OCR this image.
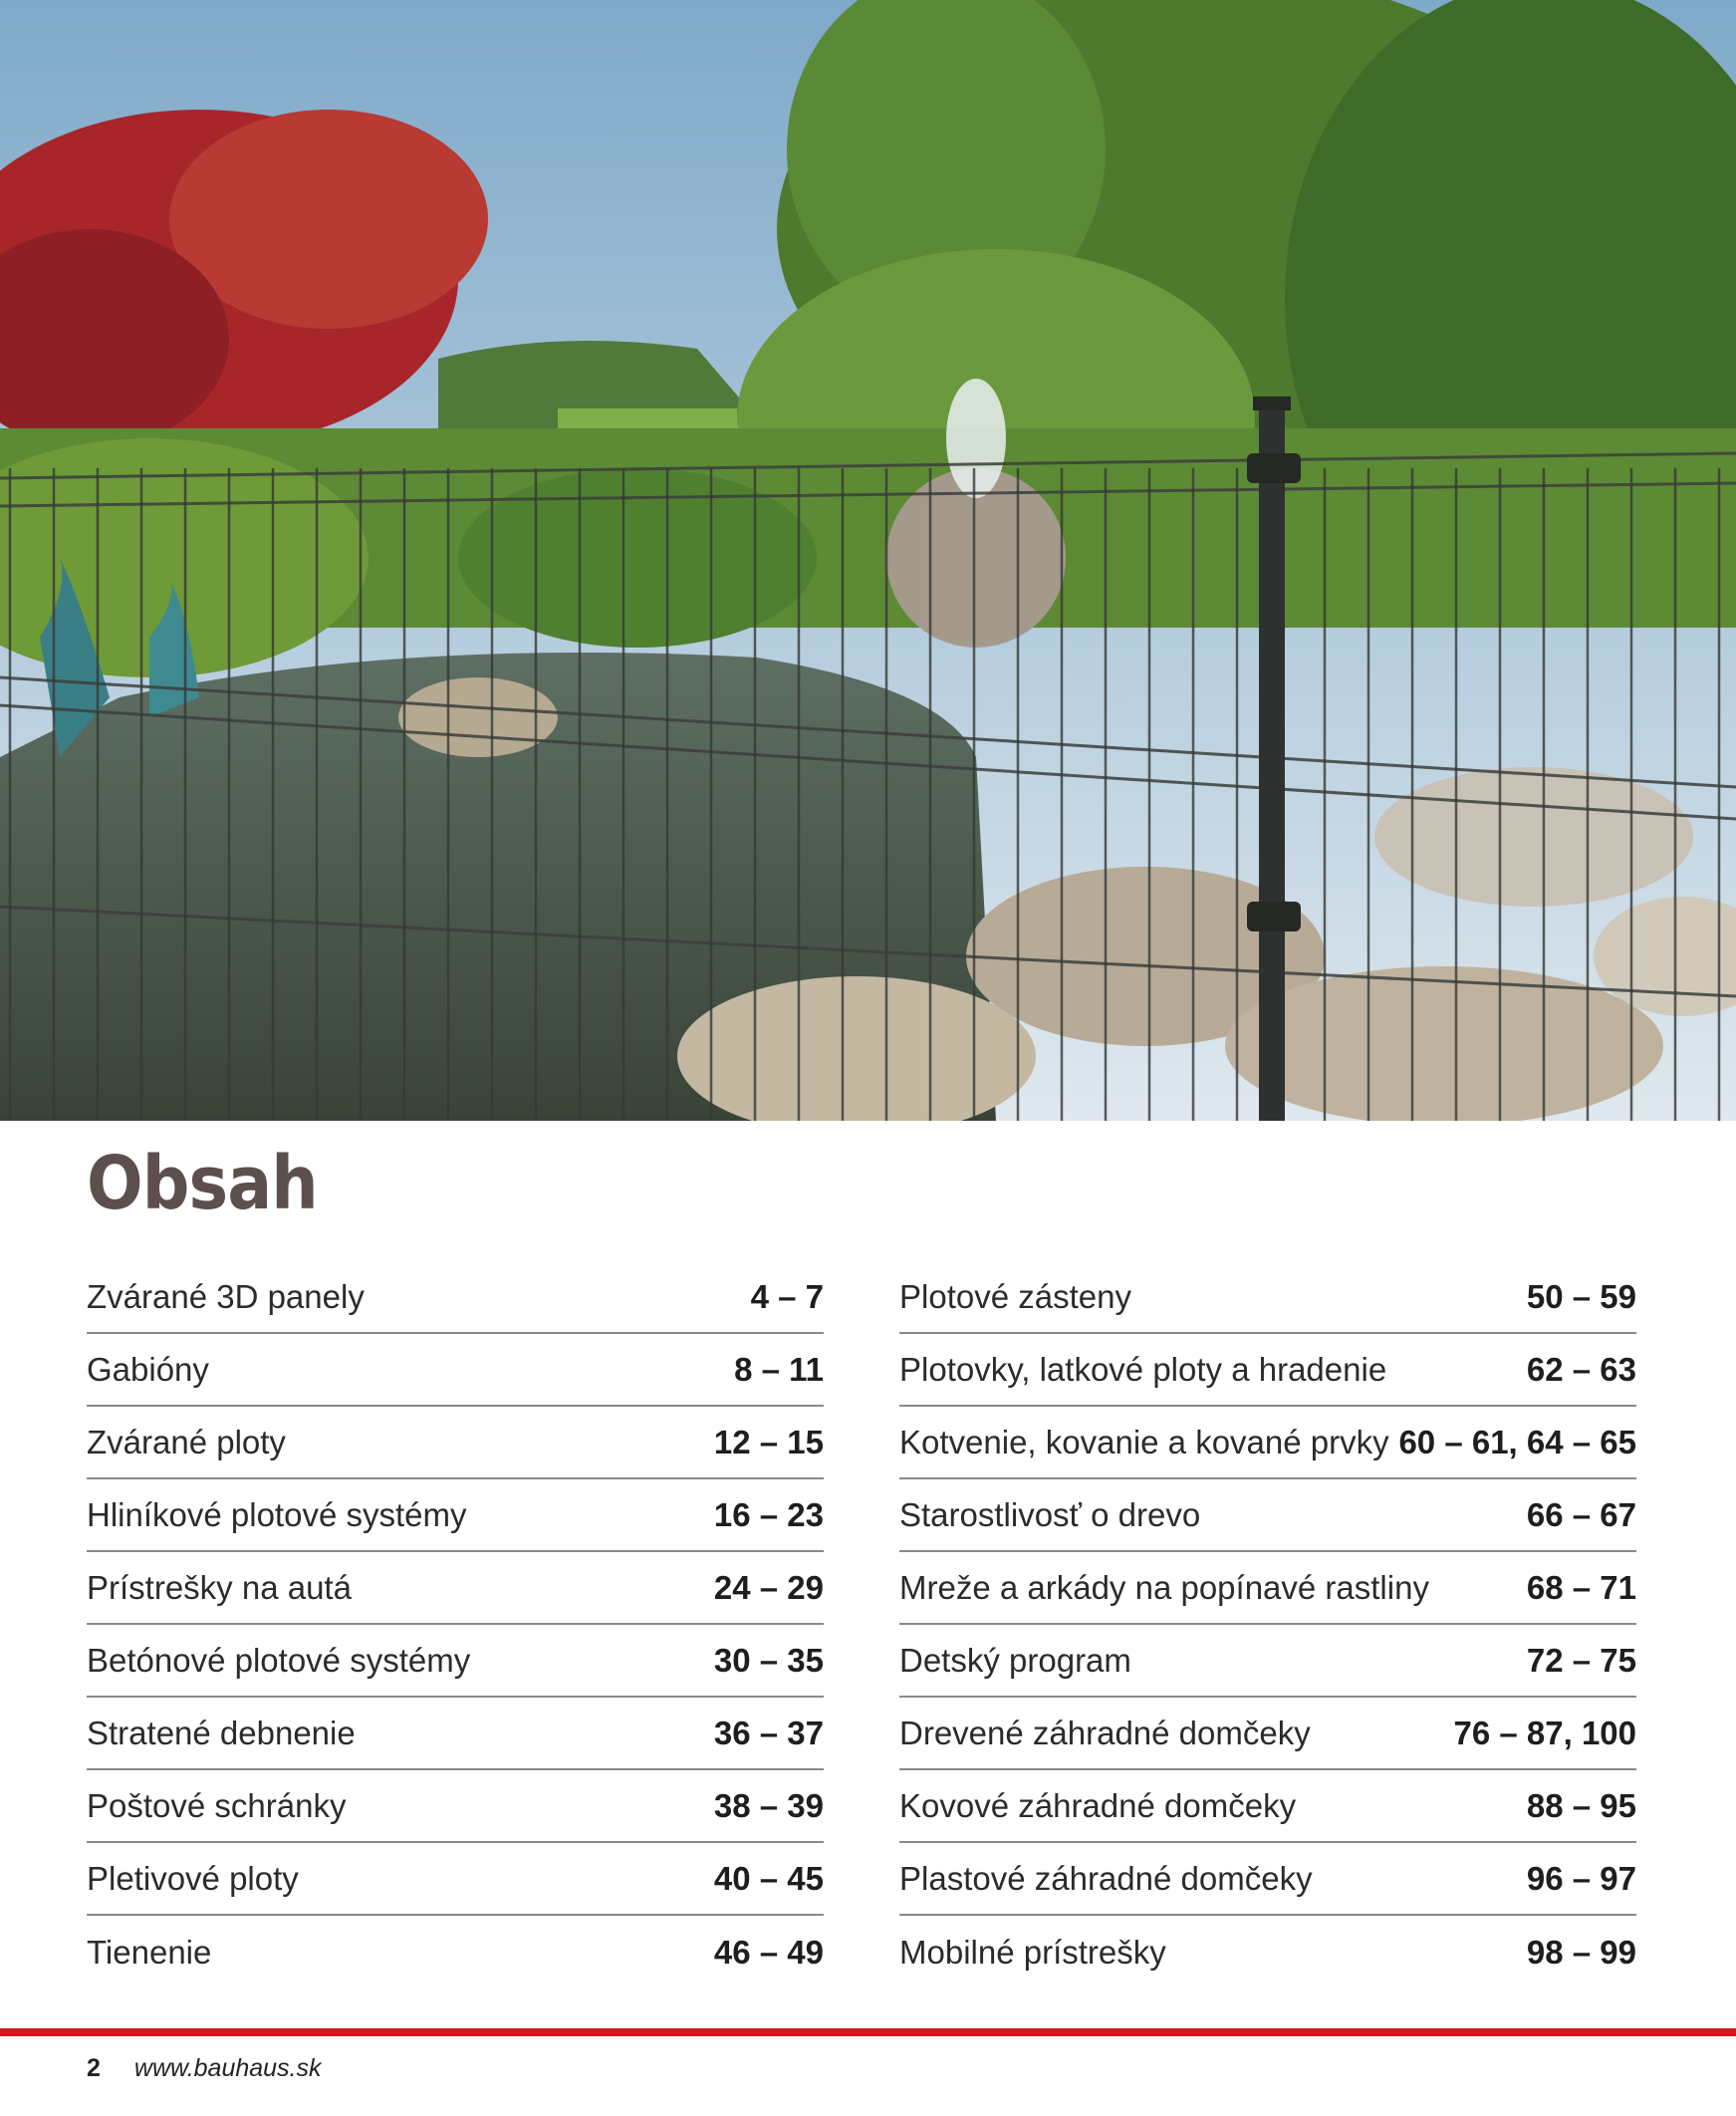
Obsah
Zvárané 3D panely	4 – 7
Gabióny	8 – 11
Zvárané ploty	12 – 15
Hliníkové plotové systémy	16 – 23
Prístrešky na autá	24 – 29
Betónové plotové systémy	30 – 35
Stratené debnenie	36 – 37
Poštové schránky	38 – 39
Pletivové ploty	40 – 45
Tienenie	46 – 49
Plotové zásteny	50 – 59
Plotovky, latkové ploty a hradenie	62 – 63
Kotvenie, kovanie a kované prvky 60 – 61, 64 – 65
Starostlivosť o drevo	66 – 67
Mreže a arkády na popínavé rastliny	68 – 71
Detský program	72 – 75
Drevené záhradné domčeky	76 – 87, 100
Kovové záhradné domčeky	88 – 95
Plastové záhradné domčeky	96 – 97
Mobilné prístrešky	98 – 99
2 www.bauhaus.sk
